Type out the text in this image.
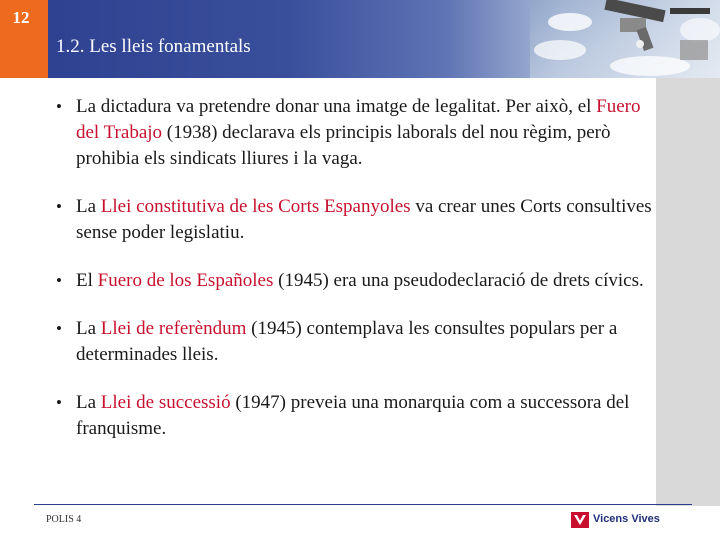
12
1.2. Les lleis fonamentals
• La dictadura va pretendre donar una imatge de legalitat. Per això, el Fuero del Trabajo (1938) declarava els principis laborals del nou règim, però prohibia els sindicats lliures i la vaga.
• La Llei constitutiva de les Corts Espanyoles va crear unes Corts consultives sense poder legislatiu.
• El Fuero de los Españoles (1945) era una pseudodeclaració de drets cívics.
• La Llei de referèndum (1945) contemplava les consultes populars per a determinades lleis.
• La Llei de successió (1947) preveia una monarquia com a successora del franquisme.
POLIS 4	Vicens Vives
